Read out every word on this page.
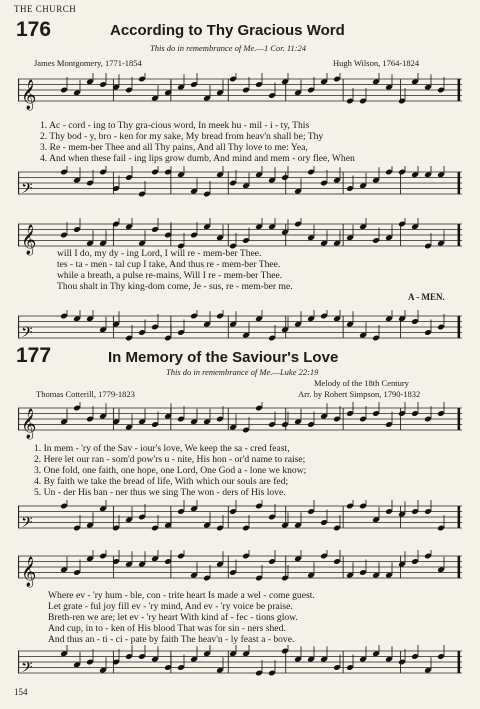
THE CHURCH
176	According to Thy Gracious Word
This do in remembrance of Me.—1 Cor. 11:24
James Montgomery, 1771-1854	Hugh Wilson, 1764-1824
𝄞
1. Ac - cord - ing to Thy gra-cious word, In meek hu - mil - i - ty, This
2. Thy bod - y, bro - ken for my sake, My bread from heav'n shall be; Thy
3. Re - mem-ber Thee and all Thy pains, And all Thy love to me: Yea,
4. And when these fail - ing lips grow dumb, And mind and mem - ory flee, When
𝄢
𝄞 will I do, my dy - ing Lord, I will re - mem-ber Thee.
tes - ta - men - tal cup I take, And thus re - mem-ber Thee.
while a breath, a pulse re-mains, Will I re - mem-ber Thee.
Thou shalt in Thy king-dom come, Je - sus, re - mem-ber me.
A - MEN.
𝄢
177	In Memory of the Saviour's Love
This do in remembrance of Me.—Luke 22:19
Melody of the 18th Century
Thomas Cotterill, 1779-1823	Arr. by Robert Simpson, 1790-1832
𝄞
1. In mem - 'ry of the Sav - iour's love, We keep the sa - cred feast,
2. Here let our ran - som'd pow'rs u - nite, His hon - or'd name to raise;
3. One fold, one faith, one hope, one Lord, One God a - lone we know;
4. By faith we take the bread of life, With which our souls are fed;
5. Un - der His ban - ner thus we sing The won - ders of His love.
𝄢
𝄞
Where ev - 'ry hum - ble, con - trite heart Is made a wel - come guest.
Let grate - ful joy fill ev - 'ry mind, And ev - 'ry voice be praise.
Breth-ren we are; let ev - 'ry heart With kind af - fec - tions glow.
And cup, in to - ken of His blood That was for sin - ners shed.
And thus an - ti - ci - pate by faith The heav'n - ly feast a - bove.
𝄢
154
